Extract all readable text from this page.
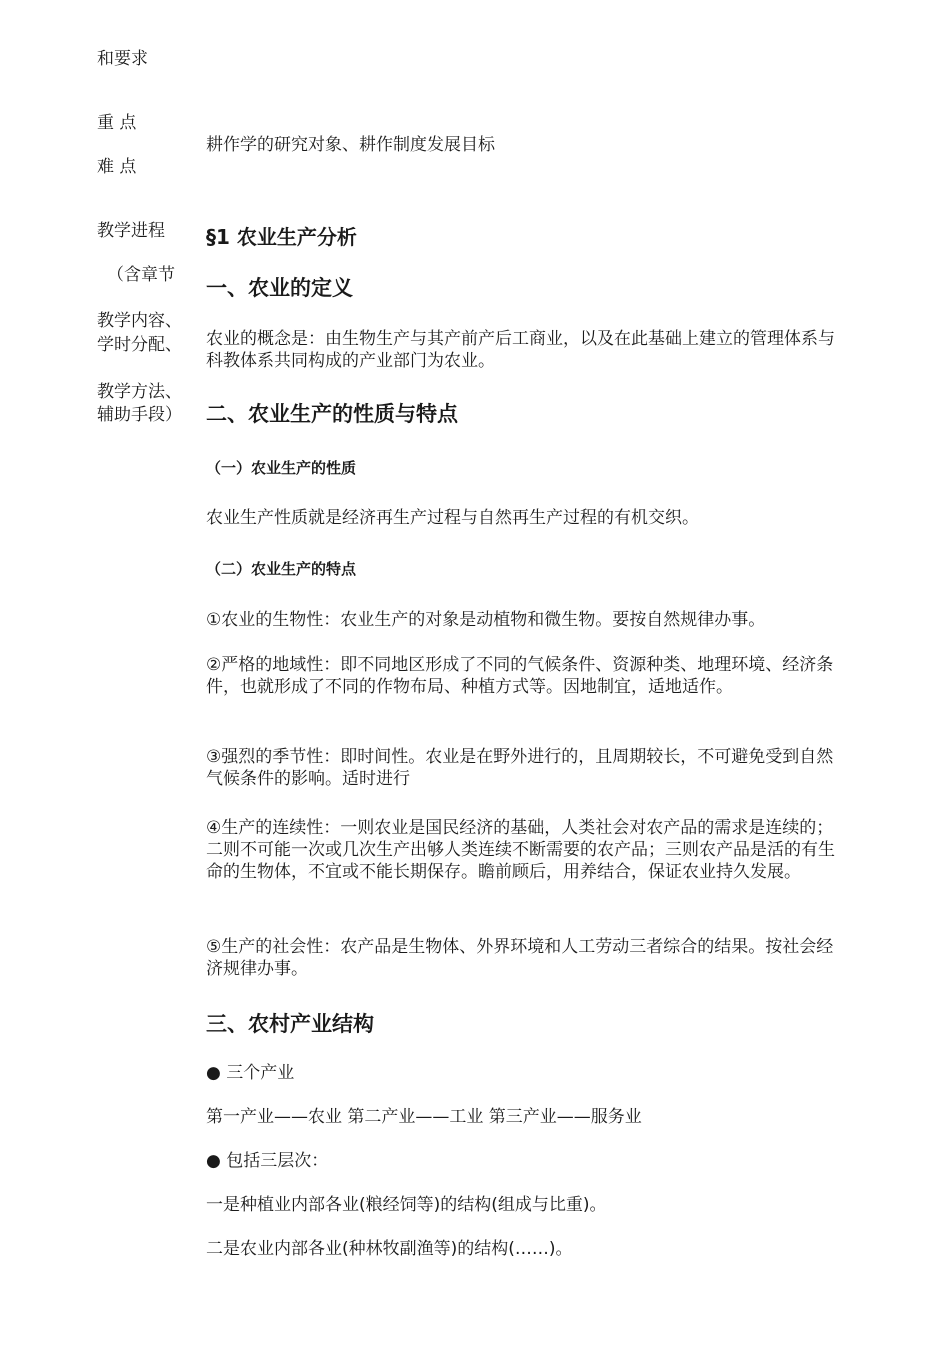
和要求
重 点
难 点
教学进程
（含章节
教学内容、
学时分配、
教学方法、
辅助手段）
耕作学的研究对象、耕作制度发展目标
§1 农业生产分析
一、农业的定义
农业的概念是：由生物生产与其产前产后工商业，以及在此基础上建立的管理体系与科教体系共同构成的产业部门为农业。
二、农业生产的性质与特点
（一）农业生产的性质
农业生产性质就是经济再生产过程与自然再生产过程的有机交织。
（二）农业生产的特点
①农业的生物性：农业生产的对象是动植物和微生物。要按自然规律办事。
②严格的地域性：即不同地区形成了不同的气候条件、资源种类、地理环境、经济条件，也就形成了不同的作物布局、种植方式等。因地制宜，适地适作。
③强烈的季节性：即时间性。农业是在野外进行的，且周期较长，不可避免受到自然气候条件的影响。适时进行
④生产的连续性：一则农业是国民经济的基础，人类社会对农产品的需求是连续的；二则不可能一次或几次生产出够人类连续不断需要的农产品；三则农产品是活的有生命的生物体，不宜或不能长期保存。瞻前顾后，用养结合，保证农业持久发展。
⑤生产的社会性：农产品是生物体、外界环境和人工劳动三者综合的结果。按社会经济规律办事。
三、农村产业结构
● 三个产业
第一产业——农业 第二产业——工业 第三产业——服务业
● 包括三层次：
一是种植业内部各业(粮经饲等)的结构(组成与比重)。
二是农业内部各业(种林牧副渔等)的结构(……)。
